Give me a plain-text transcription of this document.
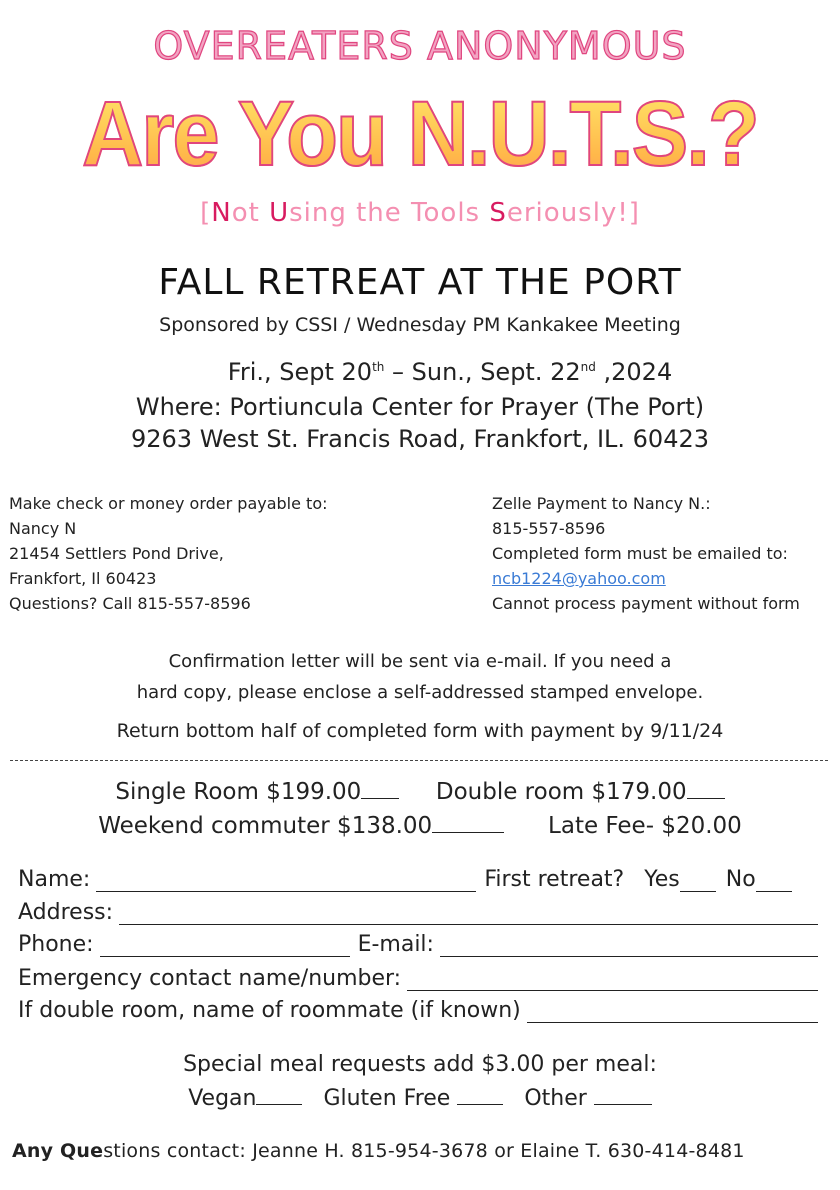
OVEREATERS ANONYMOUS
Are You N.U.T.S.?
[Not Using the Tools Seriously!]
FALL RETREAT AT THE PORT
Sponsored by CSSI / Wednesday PM Kankakee Meeting
Fri., Sept 20th – Sun., Sept. 22nd ,2024
Where: Portiuncula Center for Prayer (The Port)
9263 West St. Francis Road, Frankfort, IL. 60423
Make check or money order payable to:
Nancy N
21454 Settlers Pond Drive,
Frankfort, Il 60423
Questions? Call 815-557-8596
Zelle Payment to Nancy N.:
815-557-8596
Completed form must be emailed to:
ncb1224@yahoo.com
Cannot process payment without form
Confirmation letter will be sent via e-mail. If you need a
hard copy, please enclose a self-addressed stamped envelope.
Return bottom half of completed form with payment by 9/11/24
Single Room $199.00	Double room $179.00
Weekend commuter $138.00	Late Fee- $20.00
Name:	First retreat? Yes No
Address:
Phone:	E-mail:
Emergency contact name/number:
If double room, name of roommate (if known)
Special meal requests add $3.00 per meal:
Vegan	Gluten Free	Other
Any Questions contact: Jeanne H. 815-954-3678 or Elaine T. 630-414-8481
